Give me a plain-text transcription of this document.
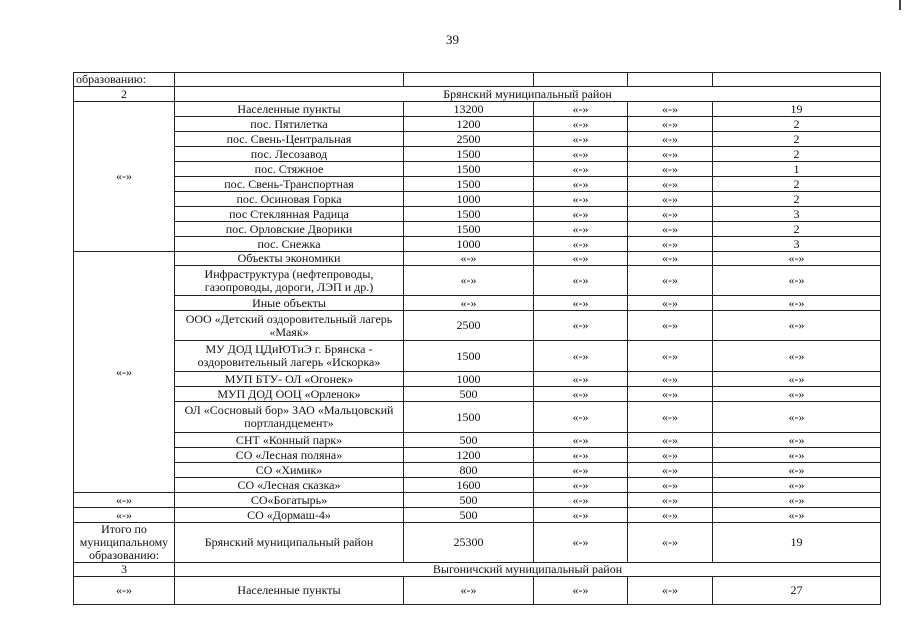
39
образованию:					
2	Брянский муниципальный район				
«-»	Населенные пункты	13200	«-»	«-»	19
	пос. Пятилетка	1200	«-»	«-»	2
	пос. Свень-Центральная	2500	«-»	«-»	2
	пос. Лесозавод	1500	«-»	«-»	2
	пос. Стяжное	1500	«-»	«-»	1
	пос. Свень-Транспортная	1500	«-»	«-»	2
	пос. Осиновая Горка	1000	«-»	«-»	2
	пос Стеклянная Радица	1500	«-»	«-»	3
	пос. Орловские Дворики	1500	«-»	«-»	2
	пос. Снежка	1000	«-»	«-»	3
«-»	Объекты экономики	«-»	«-»	«-»	«-»
	Инфраструктура (нефтепроводы, газопроводы, дороги, ЛЭП и др.)	«-»	«-»	«-»	«-»
	Иные объекты	«-»	«-»	«-»	«-»
	ООО «Детский оздоровительный лагерь «Маяк»	2500	«-»	«-»	«-»
	МУ ДОД ЦДиЮТиЭ г. Брянска - оздоровительный лагерь «Искорка»	1500	«-»	«-»	«-»
	МУП БТУ- ОЛ «Огонек»	1000	«-»	«-»	«-»
	МУП ДОД ООЦ «Орленок»	500	«-»	«-»	«-»
	ОЛ «Сосновый бор» ЗАО «Мальцовский портландцемент»	1500	«-»	«-»	«-»
	СНТ «Конный парк»	500	«-»	«-»	«-»
	СО «Лесная поляна»	1200	«-»	«-»	«-»
	СО «Химик»	800	«-»	«-»	«-»
	СО «Лесная сказка»	1600	«-»	«-»	«-»
«-»	СО«Богатырь»	500	«-»	«-»	«-»
«-»	СО «Дормаш-4»	500	«-»	«-»	«-»
Итого по муниципальному образованию:	Брянский муниципальный район	25300	«-»	«-»	19
3	Выгоничский муниципальный район				
«-»	Населенные пункты	«-»	«-»	«-»	27
